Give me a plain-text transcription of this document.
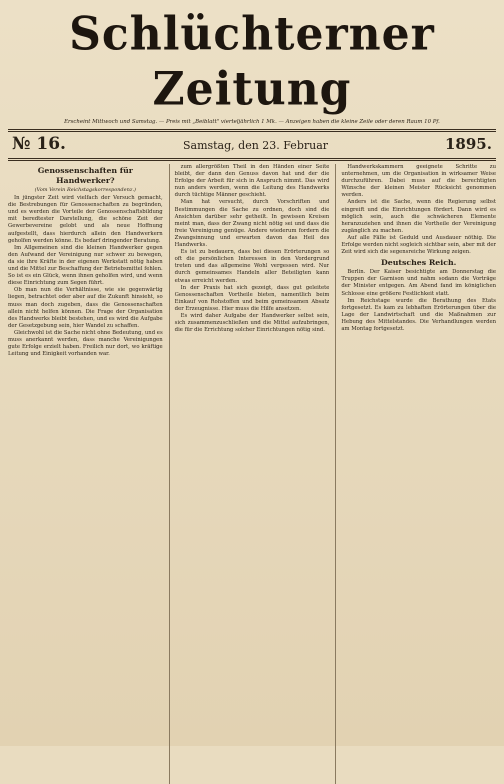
Schlüchterner Zeitung
Erscheint Mittwoch und Samstag. — Preis mit „Beiblatt" vierteljährlich 1 Mk. — Anzeigen haben die kleine Zeile oder deren Raum 10 Pf.
№ 16.	Samstag, den 23. Februar	1895.
Genossenschaften für Handwerker?
(Vom Verein Reichstagskorrespondenz.)

In jüngster Zeit wird vielfach der Versuch gemacht, die Bestrebungen für Genossenschaften zu begründen, und es werden die Vorteile der Genossenschaftsbildung mit beredtester Darstellung, die schöne Zeit der Gewerbevereine gelobt und als neue Hoffnung aufgestellt, dass hierdurch allein den Handwerkern geholfen werden könne. Es bedarf dringender Beratung.

Im Allgemeinen sind die kleinen Handwerker gegen den Aufwand der Vereinigung nur schwer zu bewegen, da sie ihre Kräfte in der eigenen Werkstatt nötig haben und die Mittel zur Beschaffung der Betriebsmittel fehlen. So ist es ein Glück, wenn ihnen geholfen wird, und wenn diese Einrichtung zum Segen führt.

Ob man nun die Verhältnisse, wie sie gegenwärtig liegen, betrachtet oder aber auf die Zukunft hinsieht, so muss man doch zugeben, dass die Genossenschaften allein nicht helfen können. Die Frage der Organisation des Handwerks bleibt bestehen, und es wird die Aufgabe der Gesetzgebung sein, hier Wandel zu schaffen.

Gleichwohl ist die Sache nicht ohne Bedeutung, und es muss anerkannt werden, dass manche Vereinigungen gute Erfolge erzielt haben. Freilich nur dort, wo kräftige Leitung und Einigkeit vorhanden war.

zum allergrößten Theil in den Händen einer Seite bleibt, der dann den Genuss davon hat und der die Erfolge der Arbeit für sich in Anspruch nimmt. Das wird nun anders werden, wenn die Leitung des Handwerks durch tüchtige Männer geschieht.

Man hat versucht, durch Vorschriften und Bestimmungen die Sache zu ordnen, doch sind die Ansichten darüber sehr getheilt. In gewissen Kreisen meint man, dass der Zwang nicht nötig sei und dass die freie Vereinigung genüge. Andere wiederum fordern die Zwangsinnung und erwarten davon das Heil des Handwerks.

Es ist zu bedauern, dass bei diesen Erörterungen so oft die persönlichen Interessen in den Vordergrund treten und das allgemeine Wohl vergessen wird. Nur durch gemeinsames Handeln aller Beteiligten kann etwas erreicht werden.

In der Praxis hat sich gezeigt, dass gut geleitete Genossenschaften Vortheile bieten, namentlich beim Einkauf von Rohstoffen und beim gemeinsamen Absatz der Erzeugnisse. Hier muss die Hilfe ansetzen.

Es wird daher Aufgabe der Handwerker selbst sein, sich zusammenzuschließen und die Mittel aufzubringen, die für die Errichtung solcher Einrichtungen nötig sind.

Handwerkskammern geeignete Schritte zu unternehmen, um die Organisation in wirksamer Weise durchzuführen. Dabei muss auf die berechtigten Wünsche der kleinen Meister Rücksicht genommen werden.

Anders ist die Sache, wenn die Regierung selbst eingreift und die Einrichtungen fördert. Dann wird es möglich sein, auch die schwächeren Elemente heranzuziehen und ihnen die Vortheile der Vereinigung zugänglich zu machen.

Auf alle Fälle ist Geduld und Ausdauer nöthig. Die Erfolge werden nicht sogleich sichtbar sein, aber mit der Zeit wird sich die segensreiche Wirkung zeigen.

Deutsches Reich.

Berlin. Der Kaiser besichtigte am Donnerstag die Truppen der Garnison und nahm sodann die Vorträge der Minister entgegen. Am Abend fand im königlichen Schlosse eine größere Festlichkeit statt.

Im Reichstage wurde die Berathung des Etats fortgesetzt. Es kam zu lebhaften Erörterungen über die Lage der Landwirtschaft und die Maßnahmen zur Hebung des Mittelstandes. Die Verhandlungen werden am Montag fortgesetzt.
